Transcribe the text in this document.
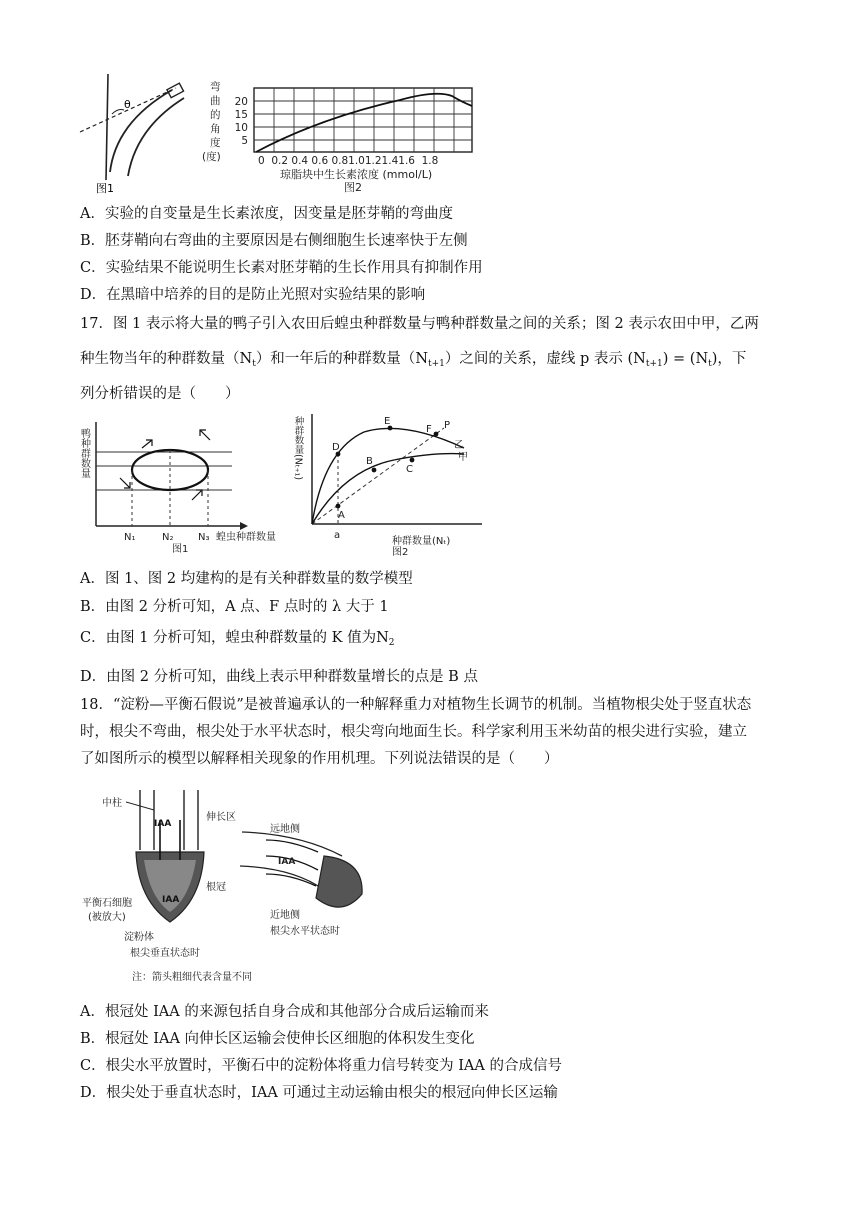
θ
图1
弯
曲
的
角
度
(度)
20
15
10
5
0  0.2 0.4 0.6 0.81.01.21.41.6  1.8
琼脂块中生长素浓度 (mmol/L)
图2
A．实验的自变量是生长素浓度，因变量是胚芽鞘的弯曲度
B．胚芽鞘向右弯曲的主要原因是右侧细胞生长速率快于左侧
C．实验结果不能说明生长素对胚芽鞘的生长作用具有抑制作用
D．在黑暗中培养的目的是防止光照对实验结果的影响
17．图 1 表示将大量的鸭子引入农田后蝗虫种群数量与鸭种群数量之间的关系；图 2 表示农田中甲，乙两
种生物当年的种群数量$(N_t)$和一年后的种群数量$(N_{t+1})$之间的关系，虚线 p 表示 $(N_{t+1}) = (N_t)$，下
列分析错误的是（　　）
鸭种群数量
N₁	N₂ N₃ 蝗虫种群数量
图1
种群数量(Nₜ₊₁)	D
A
B
E
C
F P
乙
甲
a
种群数量(Nₜ)
图2
A．图 1、图 2 均建构的是有关种群数量的数学模型
B．由图 2 分析可知，A 点、F 点时的 λ 大于 1
C．由图 1 分析可知，蝗虫种群数量的 K 值为$N_2$
D．由图 2 分析可知，曲线上表示甲种群数量增长的点是 B 点
18．“淀粉—平衡石假说”是被普遍承认的一种解释重力对植物生长调节的机制。当植物根尖处于竖直状态
时，根尖不弯曲，根尖处于水平状态时，根尖弯向地面生长。科学家利用玉米幼苗的根尖进行实验，建立
了如图所示的模型以解释相关现象的作用机理。下列说法错误的是（　　）
IAA
IAA
中柱
伸长区
根冠
平衡石细胞
(被放大)
淀粉体
根尖垂直状态时
远地侧
IAA
近地侧
根尖水平状态时
注：箭头粗细代表含量不同
A．根冠处 IAA 的来源包括自身合成和其他部分合成后运输而来
B．根冠处 IAA 向伸长区运输会使伸长区细胞的体积发生变化
C．根尖水平放置时，平衡石中的淀粉体将重力信号转变为 IAA 的合成信号
D．根尖处于垂直状态时，IAA 可通过主动运输由根尖的根冠向伸长区运输
